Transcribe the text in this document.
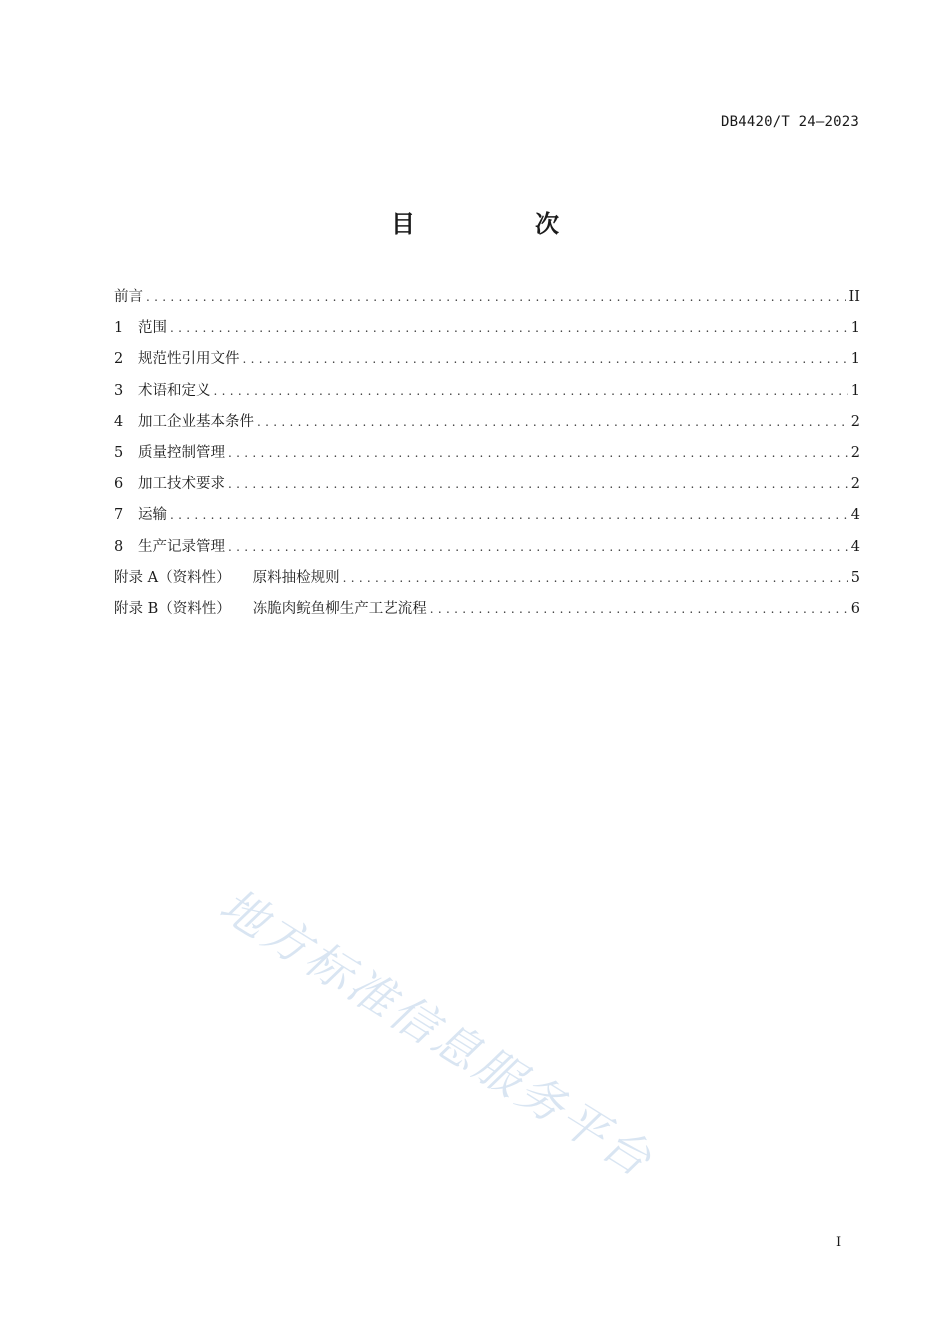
DB4420/T 24—2023
目　次
前言 .....	II
1	范围 .....	1
2	规范性引用文件 .....	1
3	术语和定义 .....	1
4	加工企业基本条件 .....	2
5	质量控制管理 .....	2
6	加工技术要求 .....	2
7	运输 .....	4
8	生产记录管理 .....	4
附录 A（资料性） 原料抽检规则 .....	5
附录 B（资料性） 冻脆肉鲩鱼柳生产工艺流程 .....	6
地方标准信息服务平台
I
